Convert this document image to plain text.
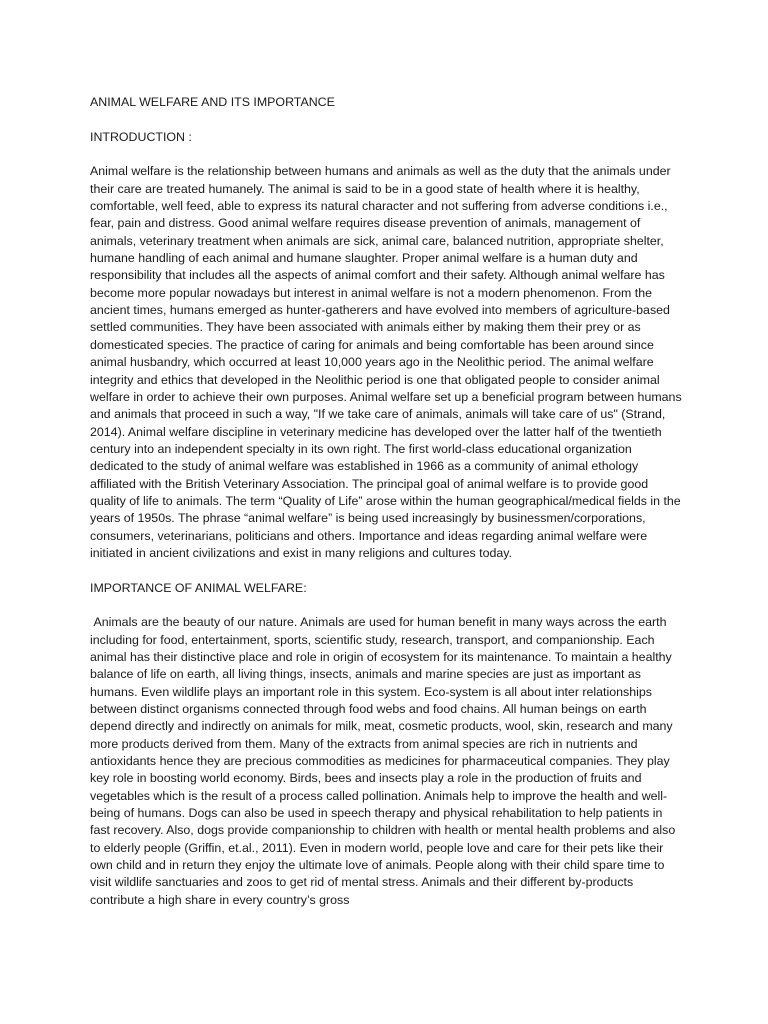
ANIMAL WELFARE AND ITS IMPORTANCE

INTRODUCTION :

Animal welfare is the relationship between humans and animals as well as the duty that the animals under their care are treated humanely. The animal is said to be in a good state of health where it is healthy, comfortable, well feed, able to express its natural character and not suffering from adverse conditions i.e., fear, pain and distress. Good animal welfare requires disease prevention of animals, management of animals, veterinary treatment when animals are sick, animal care, balanced nutrition, appropriate shelter, humane handling of each animal and humane slaughter. Proper animal welfare is a human duty and responsibility that includes all the aspects of animal comfort and their safety. Although animal welfare has become more popular nowadays but interest in animal welfare is not a modern phenomenon. From the ancient times, humans emerged as hunter-gatherers and have evolved into members of agriculture-based settled communities. They have been associated with animals either by making them their prey or as domesticated species. The practice of caring for animals and being comfortable has been around since animal husbandry, which occurred at least 10,000 years ago in the Neolithic period. The animal welfare integrity and ethics that developed in the Neolithic period is one that obligated people to consider animal welfare in order to achieve their own purposes. Animal welfare set up a beneficial program between humans and animals that proceed in such a way, "If we take care of animals, animals will take care of us" (Strand, 2014). Animal welfare discipline in veterinary medicine has developed over the latter half of the twentieth century into an independent specialty in its own right. The first world-class educational organization dedicated to the study of animal welfare was established in 1966 as a community of animal ethology affiliated with the British Veterinary Association. The principal goal of animal welfare is to provide good quality of life to animals. The term “Quality of Life” arose within the human geographical/medical fields in the years of 1950s. The phrase “animal welfare” is being used increasingly by businessmen/corporations, consumers, veterinarians, politicians and others. Importance and ideas regarding animal welfare were initiated in ancient civilizations and exist in many religions and cultures today.

IMPORTANCE OF ANIMAL WELFARE:

Animals are the beauty of our nature. Animals are used for human benefit in many ways across the earth including for food, entertainment, sports, scientific study, research, transport, and companionship. Each animal has their distinctive place and role in origin of ecosystem for its maintenance. To maintain a healthy balance of life on earth, all living things, insects, animals and marine species are just as important as humans. Even wildlife plays an important role in this system. Eco-system is all about inter relationships between distinct organisms connected through food webs and food chains. All human beings on earth depend directly and indirectly on animals for milk, meat, cosmetic products, wool, skin, research and many more products derived from them. Many of the extracts from animal species are rich in nutrients and antioxidants hence they are precious commodities as medicines for pharmaceutical companies. They play key role in boosting world economy. Birds, bees and insects play a role in the production of fruits and vegetables which is the result of a process called pollination. Animals help to improve the health and well-being of humans. Dogs can also be used in speech therapy and physical rehabilitation to help patients in fast recovery. Also, dogs provide companionship to children with health or mental health problems and also to elderly people (Griffin, et.al., 2011). Even in modern world, people love and care for their pets like their own child and in return they enjoy the ultimate love of animals. People along with their child spare time to visit wildlife sanctuaries and zoos to get rid of mental stress. Animals and their different by-products contribute a high share in every country’s gross
